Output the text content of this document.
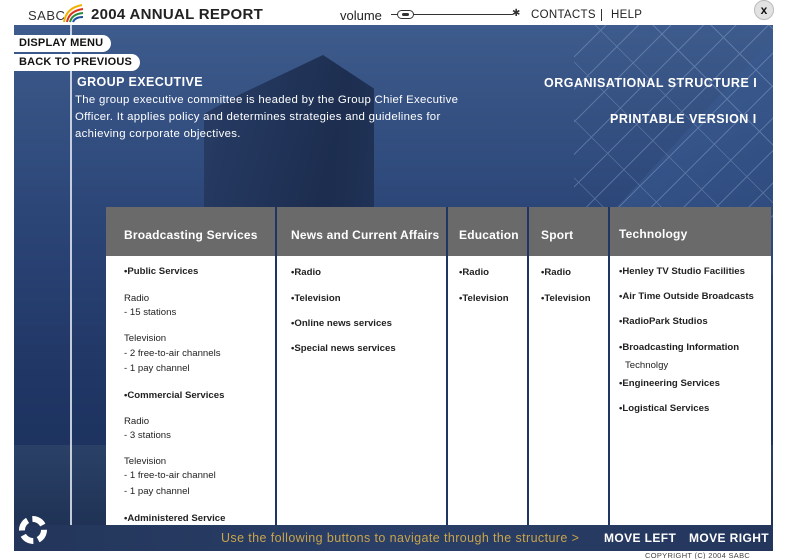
SABC 2004 ANNUAL REPORT	volume	✱ CONTACTS HELP	x
DISPLAY MENU
BACK TO PREVIOUS
GROUP EXECUTIVE
The group executive committee is headed by the Group Chief Executive Officer. It applies policy and determines strategies and guidelines for achieving corporate objectives.
ORGANISATIONAL STRUCTURE I
PRINTABLE VERSION I
Broadcasting Services
• Public Services
Radio
- 15 stations
Television
- 2 free-to-air channels
- 1 pay channel
• Commercial Services
Radio
- 3 stations
Television
- 1 free-to-air channel
- 1 pay channel
• Administered Service
News and Current Affairs
• Radio
• Television
• Online news services
• Special news services
Education
• Radio
• Television
Sport
• Radio
• Television
Technology
• Henley TV Studio Facilities
• Air Time Outside Broadcasts
• RadioPark Studios
• Broadcasting Information
Technolgy
• Engineering Services
• Logistical Services
Use the following buttons to navigate through the structure > MOVE LEFT MOVE RIGHT
COPYRIGHT (C) 2004 SABC
